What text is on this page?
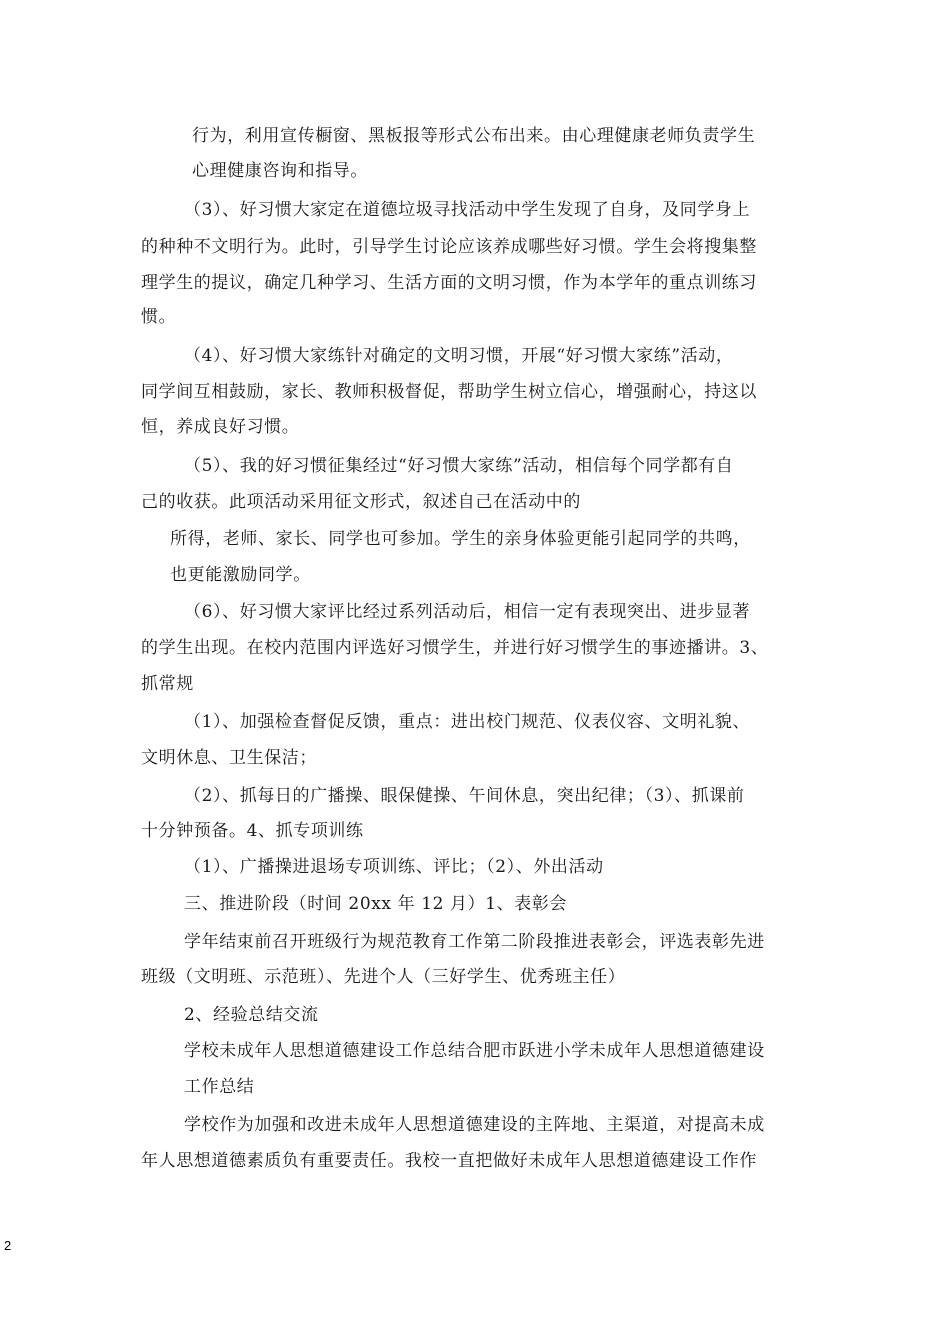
行为，利用宣传橱窗、黑板报等形式公布出来。由心理健康老师负责学生
心理健康咨询和指导。
（3）、好习惯大家定在道德垃圾寻找活动中学生发现了自身，及同学身上
的种种不文明行为。此时，引导学生讨论应该养成哪些好习惯。学生会将搜集整
理学生的提议，确定几种学习、生活方面的文明习惯，作为本学年的重点训练习
惯。
（4）、好习惯大家练针对确定的文明习惯，开展“好习惯大家练”活动，
同学间互相鼓励，家长、教师积极督促，帮助学生树立信心，增强耐心，持这以
恒，养成良好习惯。
（5）、我的好习惯征集经过“好习惯大家练”活动，相信每个同学都有自
己的收获。此项活动采用征文形式，叙述自己在活动中的
所得，老师、家长、同学也可参加。学生的亲身体验更能引起同学的共鸣，
也更能激励同学。
（6）、好习惯大家评比经过系列活动后，相信一定有表现突出、进步显著
的学生出现。在校内范围内评选好习惯学生，并进行好习惯学生的事迹播讲。3、
抓常规
（1）、加强检查督促反馈，重点：进出校门规范、仪表仪容、文明礼貌、
文明休息、卫生保洁；
（2）、抓每日的广播操、眼保健操、午间休息，突出纪律；（3）、抓课前
十分钟预备。4、抓专项训练
（1）、广播操进退场专项训练、评比；（2）、外出活动
三、推进阶段（时间 20xx 年 12 月）1、表彰会
学年结束前召开班级行为规范教育工作第二阶段推进表彰会，评选表彰先进
班级（文明班、示范班）、先进个人（三好学生、优秀班主任）
2、经验总结交流
学校未成年人思想道德建设工作总结合肥市跃进小学未成年人思想道德建设
工作总结
学校作为加强和改进未成年人思想道德建设的主阵地、主渠道，对提高未成
年人思想道德素质负有重要责任。我校一直把做好未成年人思想道德建设工作作
2
